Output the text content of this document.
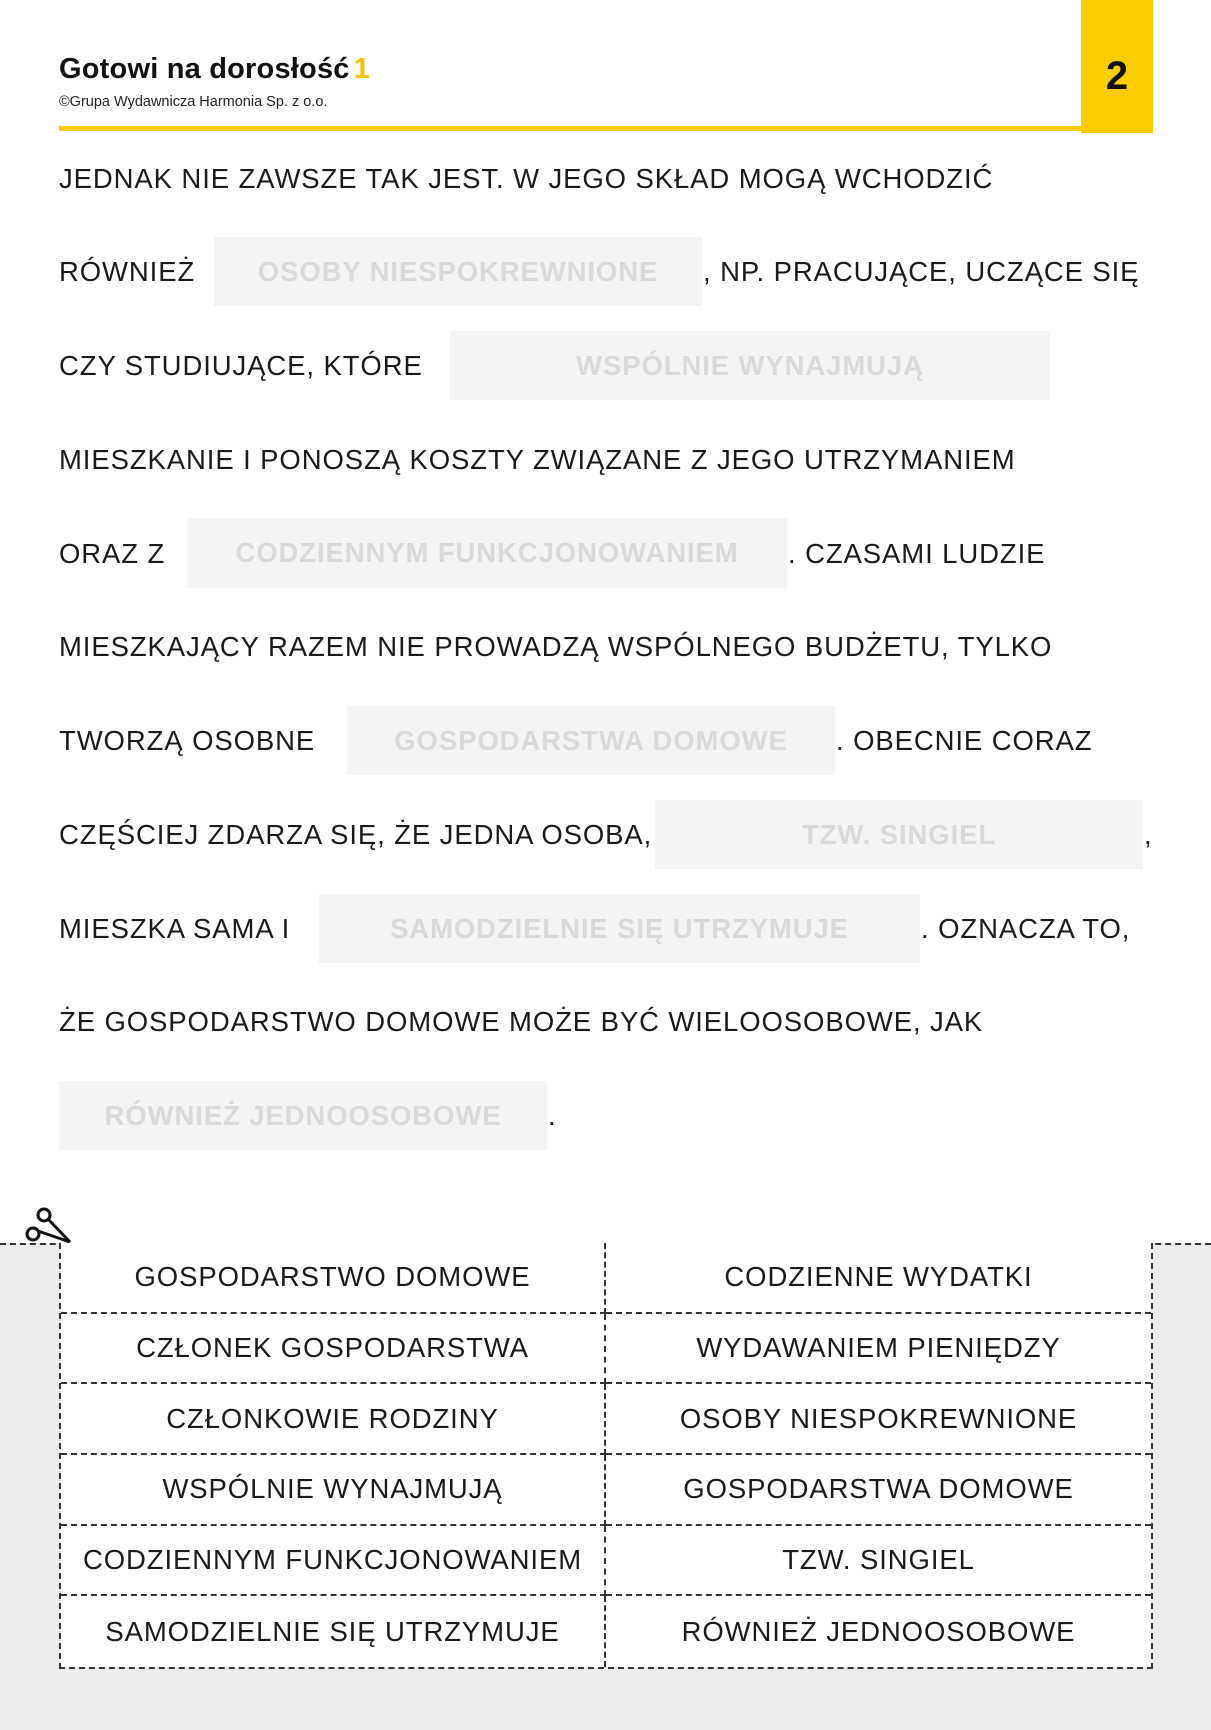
Gotowi na dorosłość 1
©Grupa Wydawnicza Harmonia Sp. z o.o.
2
JEDNAK NIE ZAWSZE TAK JEST. W JEGO SKŁAD MOGĄ WCHODZIĆ
RÓWNIEŻ	OSOBY NIESPOKREWNIONE	, NP. PRACUJĄCE, UCZĄCE SIĘ
CZY STUDIUJĄCE, KTÓRE	WSPÓLNIE WYNAJMUJĄ
MIESZKANIE I PONOSZĄ KOSZTY ZWIĄZANE Z JEGO UTRZYMANIEM
ORAZ Z	CODZIENNYM FUNKCJONOWANIEM	. CZASAMI LUDZIE
MIESZKAJĄCY RAZEM NIE PROWADZĄ WSPÓLNEGO BUDŻETU, TYLKO
TWORZĄ OSOBNE	GOSPODARSTWA DOMOWE	. OBECNIE CORAZ
CZĘŚCIEJ ZDARZA SIĘ, ŻE JEDNA OSOBA,	TZW. SINGIEL	,
MIESZKA SAMA I	SAMODZIELNIE SIĘ UTRZYMUJE	. OZNACZA TO,
ŻE GOSPODARSTWO DOMOWE MOŻE BYĆ WIELOOSOBOWE, JAK
RÓWNIEŻ JEDNOOSOBOWE	.
GOSPODARSTWO DOMOWE	CODZIENNE WYDATKI
CZŁONEK GOSPODARSTWA	WYDAWANIEM PIENIĘDZY
CZŁONKOWIE RODZINY	OSOBY NIESPOKREWNIONE
WSPÓLNIE WYNAJMUJĄ	GOSPODARSTWA DOMOWE
CODZIENNYM FUNKCJONOWANIEM	TZW. SINGIEL
SAMODZIELNIE SIĘ UTRZYMUJE	RÓWNIEŻ JEDNOOSOBOWE
